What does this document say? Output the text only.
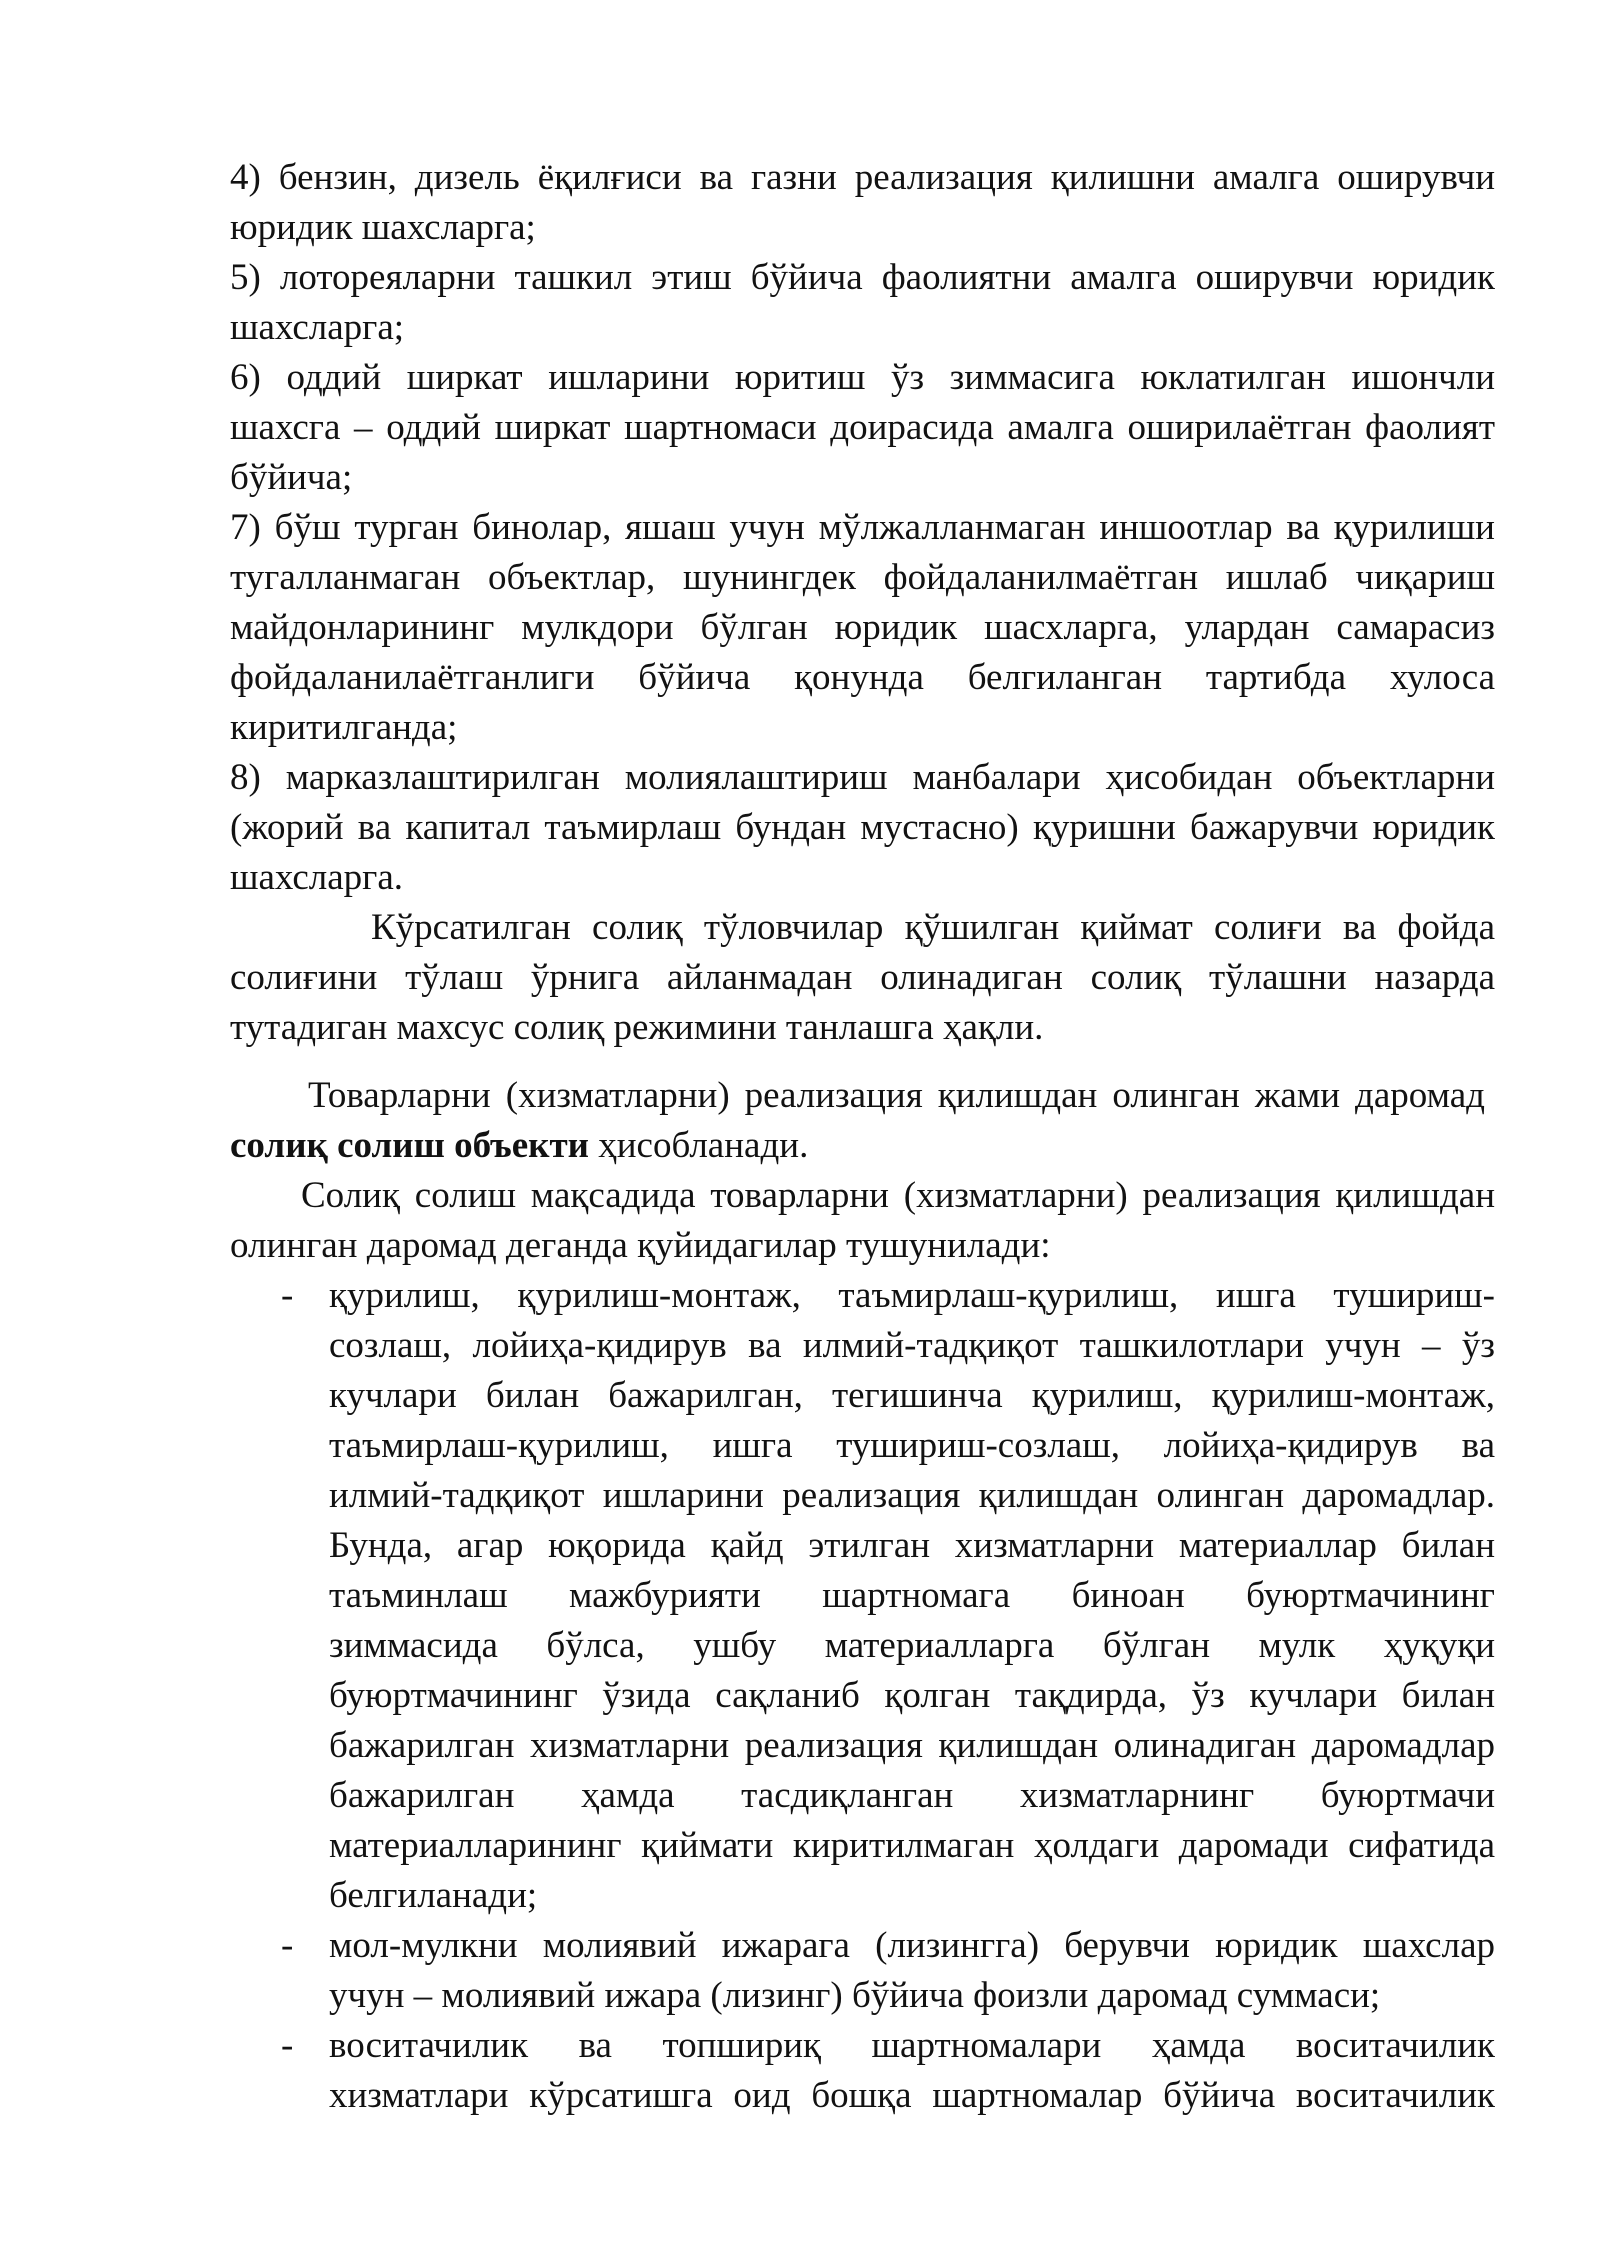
4) бензин, дизель ёқилғиси ва газни реализация қилишни амалга оширувчи
юридик шахсларга;
5) лотореяларни ташкил этиш бўйича фаолиятни амалга оширувчи юридик
шахсларга;
6) оддий ширкат ишларини юритиш ўз зиммасига юклатилган ишончли
шахсга – оддий ширкат шартномаси доирасида амалга оширилаётган фаолият
бўйича;
7) бўш турган бинолар, яшаш учун мўлжалланмаган иншоотлар ва қурилиши
тугалланмаган объектлар, шунингдек фойдаланилмаётган ишлаб чиқариш
майдонларининг мулкдори бўлган юридик шасхларга, улардан самарасиз
фойдаланилаётганлиги бўйича қонунда белгиланган тартибда хулоса
киритилганда;
8) марказлаштирилган молиялаштириш манбалари ҳисобидан объектларни
(жорий ва капитал таъмирлаш бундан мустасно) қуришни бажарувчи юридик
шахсларга.
Кўрсатилган солиқ тўловчилар қўшилган қиймат солиғи ва фойда
солиғини тўлаш ўрнига айланмадан олинадиган солиқ тўлашни назарда
тутадиган махсус солиқ режимини танлашга ҳақли.
Товарларни (хизматларни) реализация қилишдан олинган жами даромад
солиқ солиш объекти ҳисобланади.
Солиқ солиш мақсадида товарларни (хизматларни) реализация қилишдан
олинган даромад деганда қуйидагилар тушунилади:
- қурилиш, қурилиш-монтаж, таъмирлаш-қурилиш, ишга тушириш-
созлаш, лойиҳа-қидирув ва илмий-тадқиқот ташкилотлари учун – ўз
кучлари билан бажарилган, тегишинча қурилиш, қурилиш-монтаж,
таъмирлаш-қурилиш, ишга тушириш-созлаш, лойиҳа-қидирув ва
илмий-тадқиқот ишларини реализация қилишдан олинган даромадлар.
Бунда, агар юқорида қайд этилган хизматларни материаллар билан
таъминлаш мажбурияти шартномага биноан буюртмачининг
зиммасида бўлса, ушбу материалларга бўлган мулк ҳуқуқи
буюртмачининг ўзида сақланиб қолган тақдирда, ўз кучлари билан
бажарилган хизматларни реализация қилишдан олинадиган даромадлар
бажарилган ҳамда тасдиқланган хизматларнинг буюртмачи
материалларининг қиймати киритилмаган ҳолдаги даромади сифатида
белгиланади;
- мол-мулкни молиявий ижарага (лизингга) берувчи юридик шахслар
учун – молиявий ижара (лизинг) бўйича фоизли даромад суммаси;
- воситачилик ва топшириқ шартномалари ҳамда воситачилик
хизматлари кўрсатишга оид бошқа шартномалар бўйича воситачилик
